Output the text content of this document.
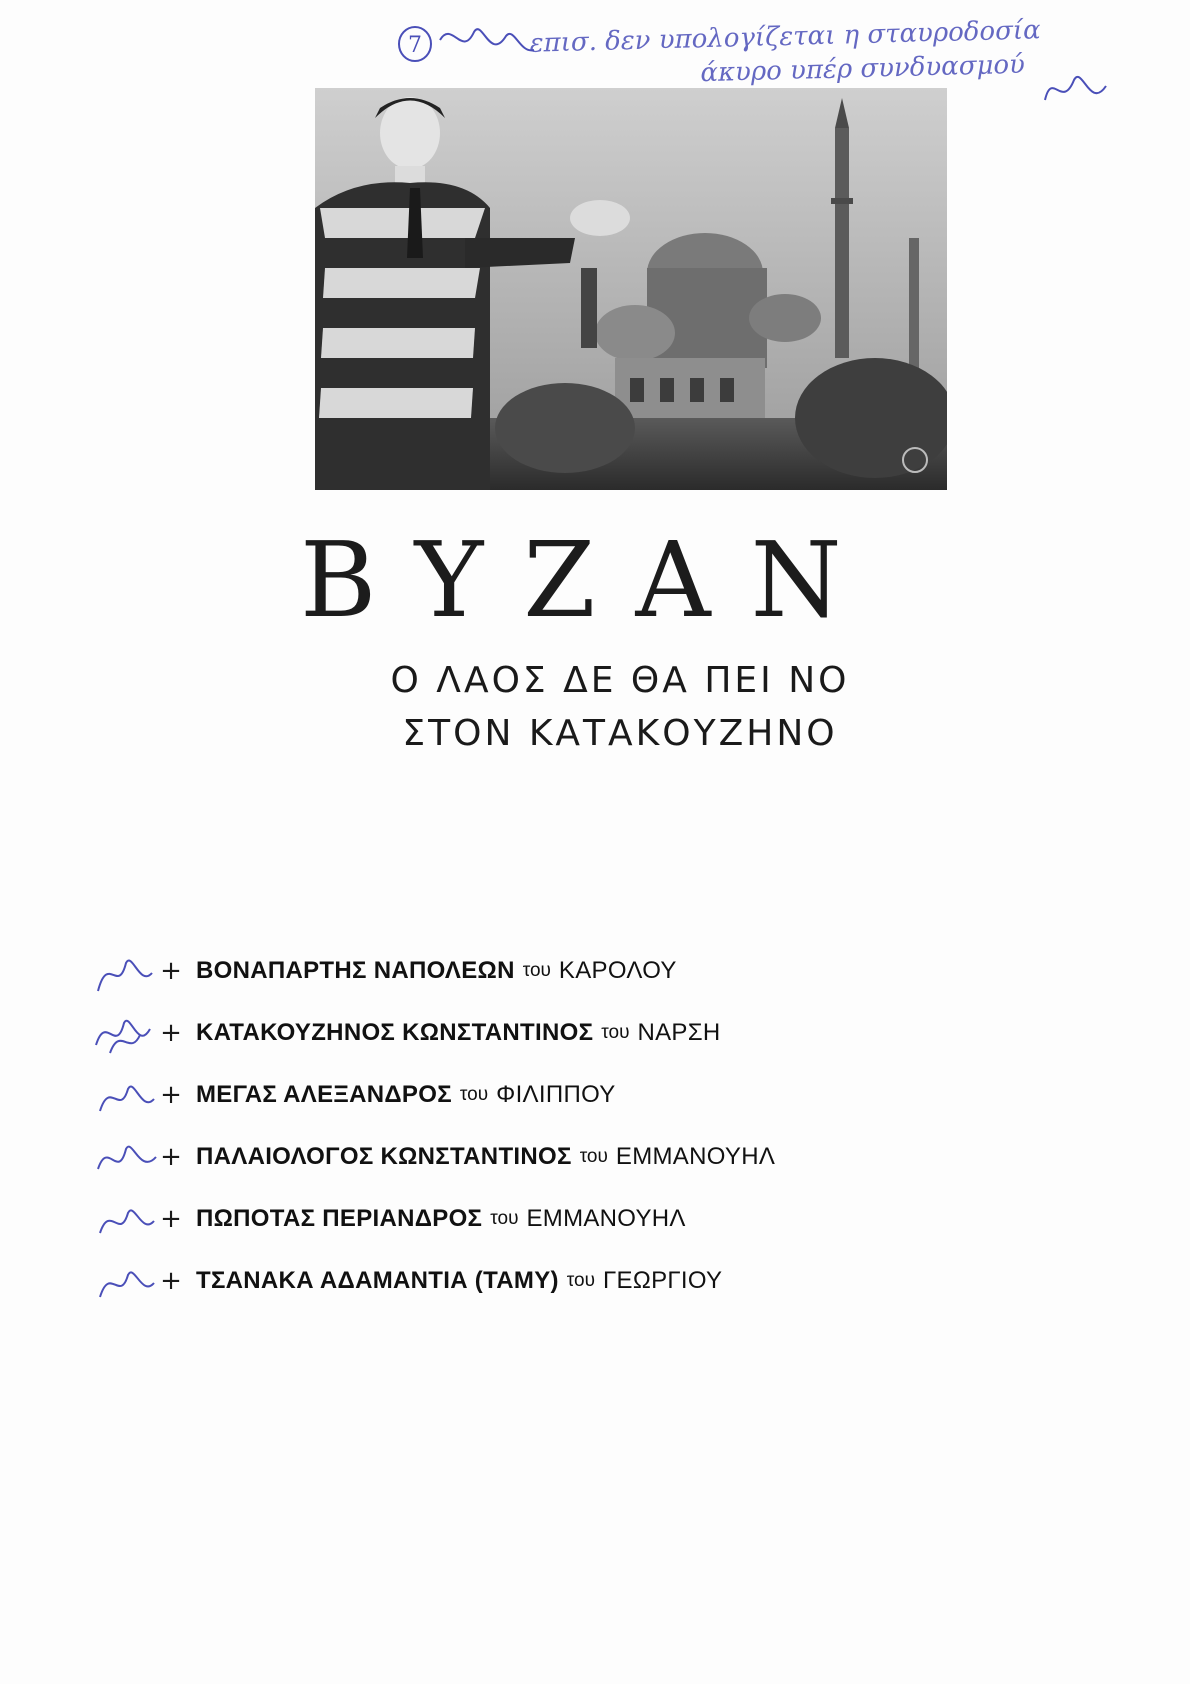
7	επισ. δεν υπολογίζεται η σταυροδοσία
άκυρο υπέρ συνδυασμού
BYZAN
Ο ΛΑΟΣ ΔΕ ΘΑ ΠΕΙ ΝΟ
ΣΤΟΝ ΚΑΤΑΚΟΥΖΗΝΟ
+ ΒΟΝΑΠΑΡΤΗΣ ΝΑΠΟΛΕΩΝ του ΚΑΡΟΛΟΥ
+ ΚΑΤΑΚΟΥΖΗΝΟΣ ΚΩΝΣΤΑΝΤΙΝΟΣ του ΝΑΡΣΗ
+ ΜΕΓΑΣ ΑΛΕΞΑΝΔΡΟΣ του ΦΙΛΙΠΠΟΥ
+ ΠΑΛΑΙΟΛΟΓΟΣ ΚΩΝΣΤΑΝΤΙΝΟΣ του ΕΜΜΑΝΟΥΗΛ
+ ΠΩΠΟΤΑΣ ΠΕΡΙΑΝΔΡΟΣ του ΕΜΜΑΝΟΥΗΛ
+ ΤΣΑΝΑΚΑ ΑΔΑΜΑΝΤΙΑ (ΤΑΜΥ) του ΓΕΩΡΓΙΟΥ
